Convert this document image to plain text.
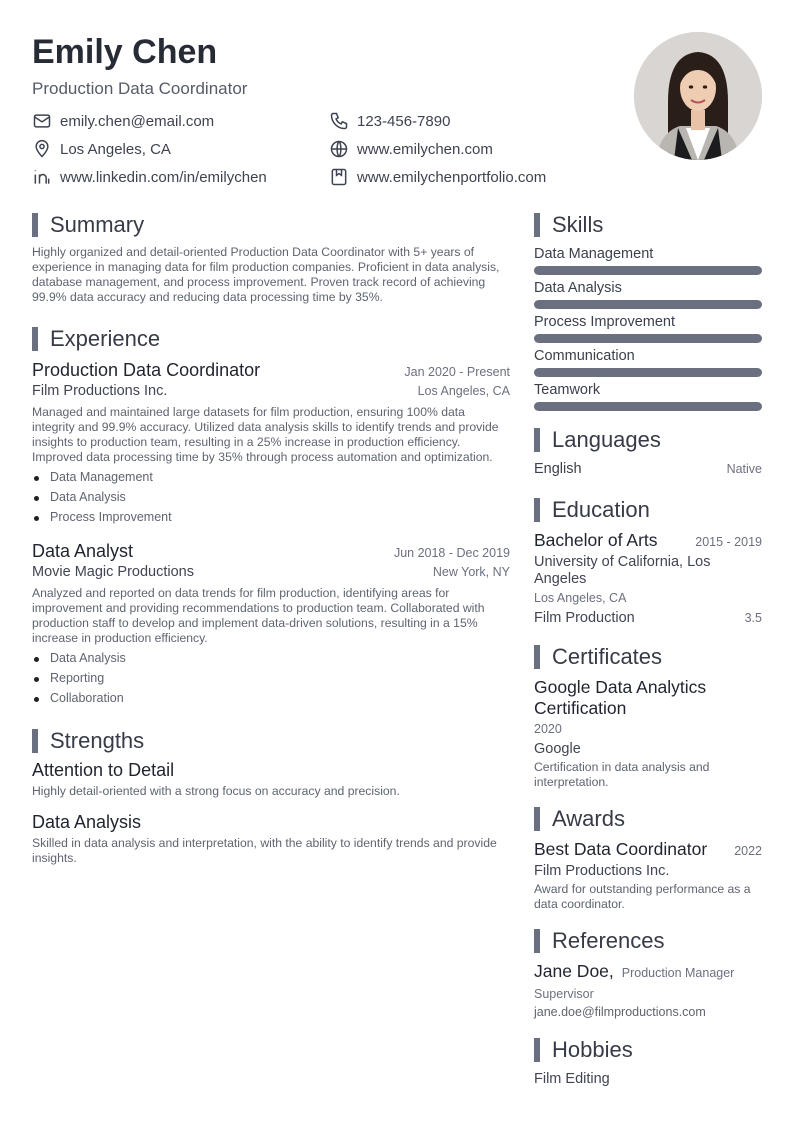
Emily Chen
Production Data Coordinator
emily.chen@email.com	123-456-7890
Los Angeles, CA	www.emilychen.com
www.linkedin.com/in/emilychen	www.emilychenportfolio.com
Summary

Highly organized and detail-oriented Production Data Coordinator with 5+ years of experience in managing data for film production companies. Proficient in data analysis, database management, and process improvement. Proven track record of achieving 99.9% data accuracy and reducing data processing time by 35%.

Experience
Production Data Coordinator	Jan 2020 - Present
Film Productions Inc.	Los Angeles, CA

Managed and maintained large datasets for film production, ensuring 100% data integrity and 99.9% accuracy. Utilized data analysis skills to identify trends and provide insights to production team, resulting in a 25% increase in production efficiency. Improved data processing time by 35% through process automation and optimization.

Data Management
Data Analysis
Process Improvement
Data Analyst	Jun 2018 - Dec 2019
Movie Magic Productions	New York, NY

Analyzed and reported on data trends for film production, identifying areas for improvement and providing recommendations to production team. Collaborated with production staff to develop and implement data-driven solutions, resulting in a 15% increase in production efficiency.

Data Analysis
Reporting
Collaboration
Strengths
Attention to Detail

Highly detail-oriented with a strong focus on accuracy and precision.

Data Analysis

Skilled in data analysis and interpretation, with the ability to identify trends and provide insights.

Skills
Data Management
Data Analysis
Process Improvement
Communication
Teamwork
Languages
English	Native
Education
Bachelor of Arts	2015 - 2019
University of California, Los Angeles
Los Angeles, CA
Film Production	3.5
Certificates
Google Data Analytics Certification
2020
Google

Certification in data analysis and interpretation.

Awards
Best Data Coordinator 2022
Film Productions Inc.

Award for outstanding performance as a data coordinator.

References
Jane Doe, Production Manager
Supervisor
jane.doe@filmproductions.com
Hobbies
Film Editing
